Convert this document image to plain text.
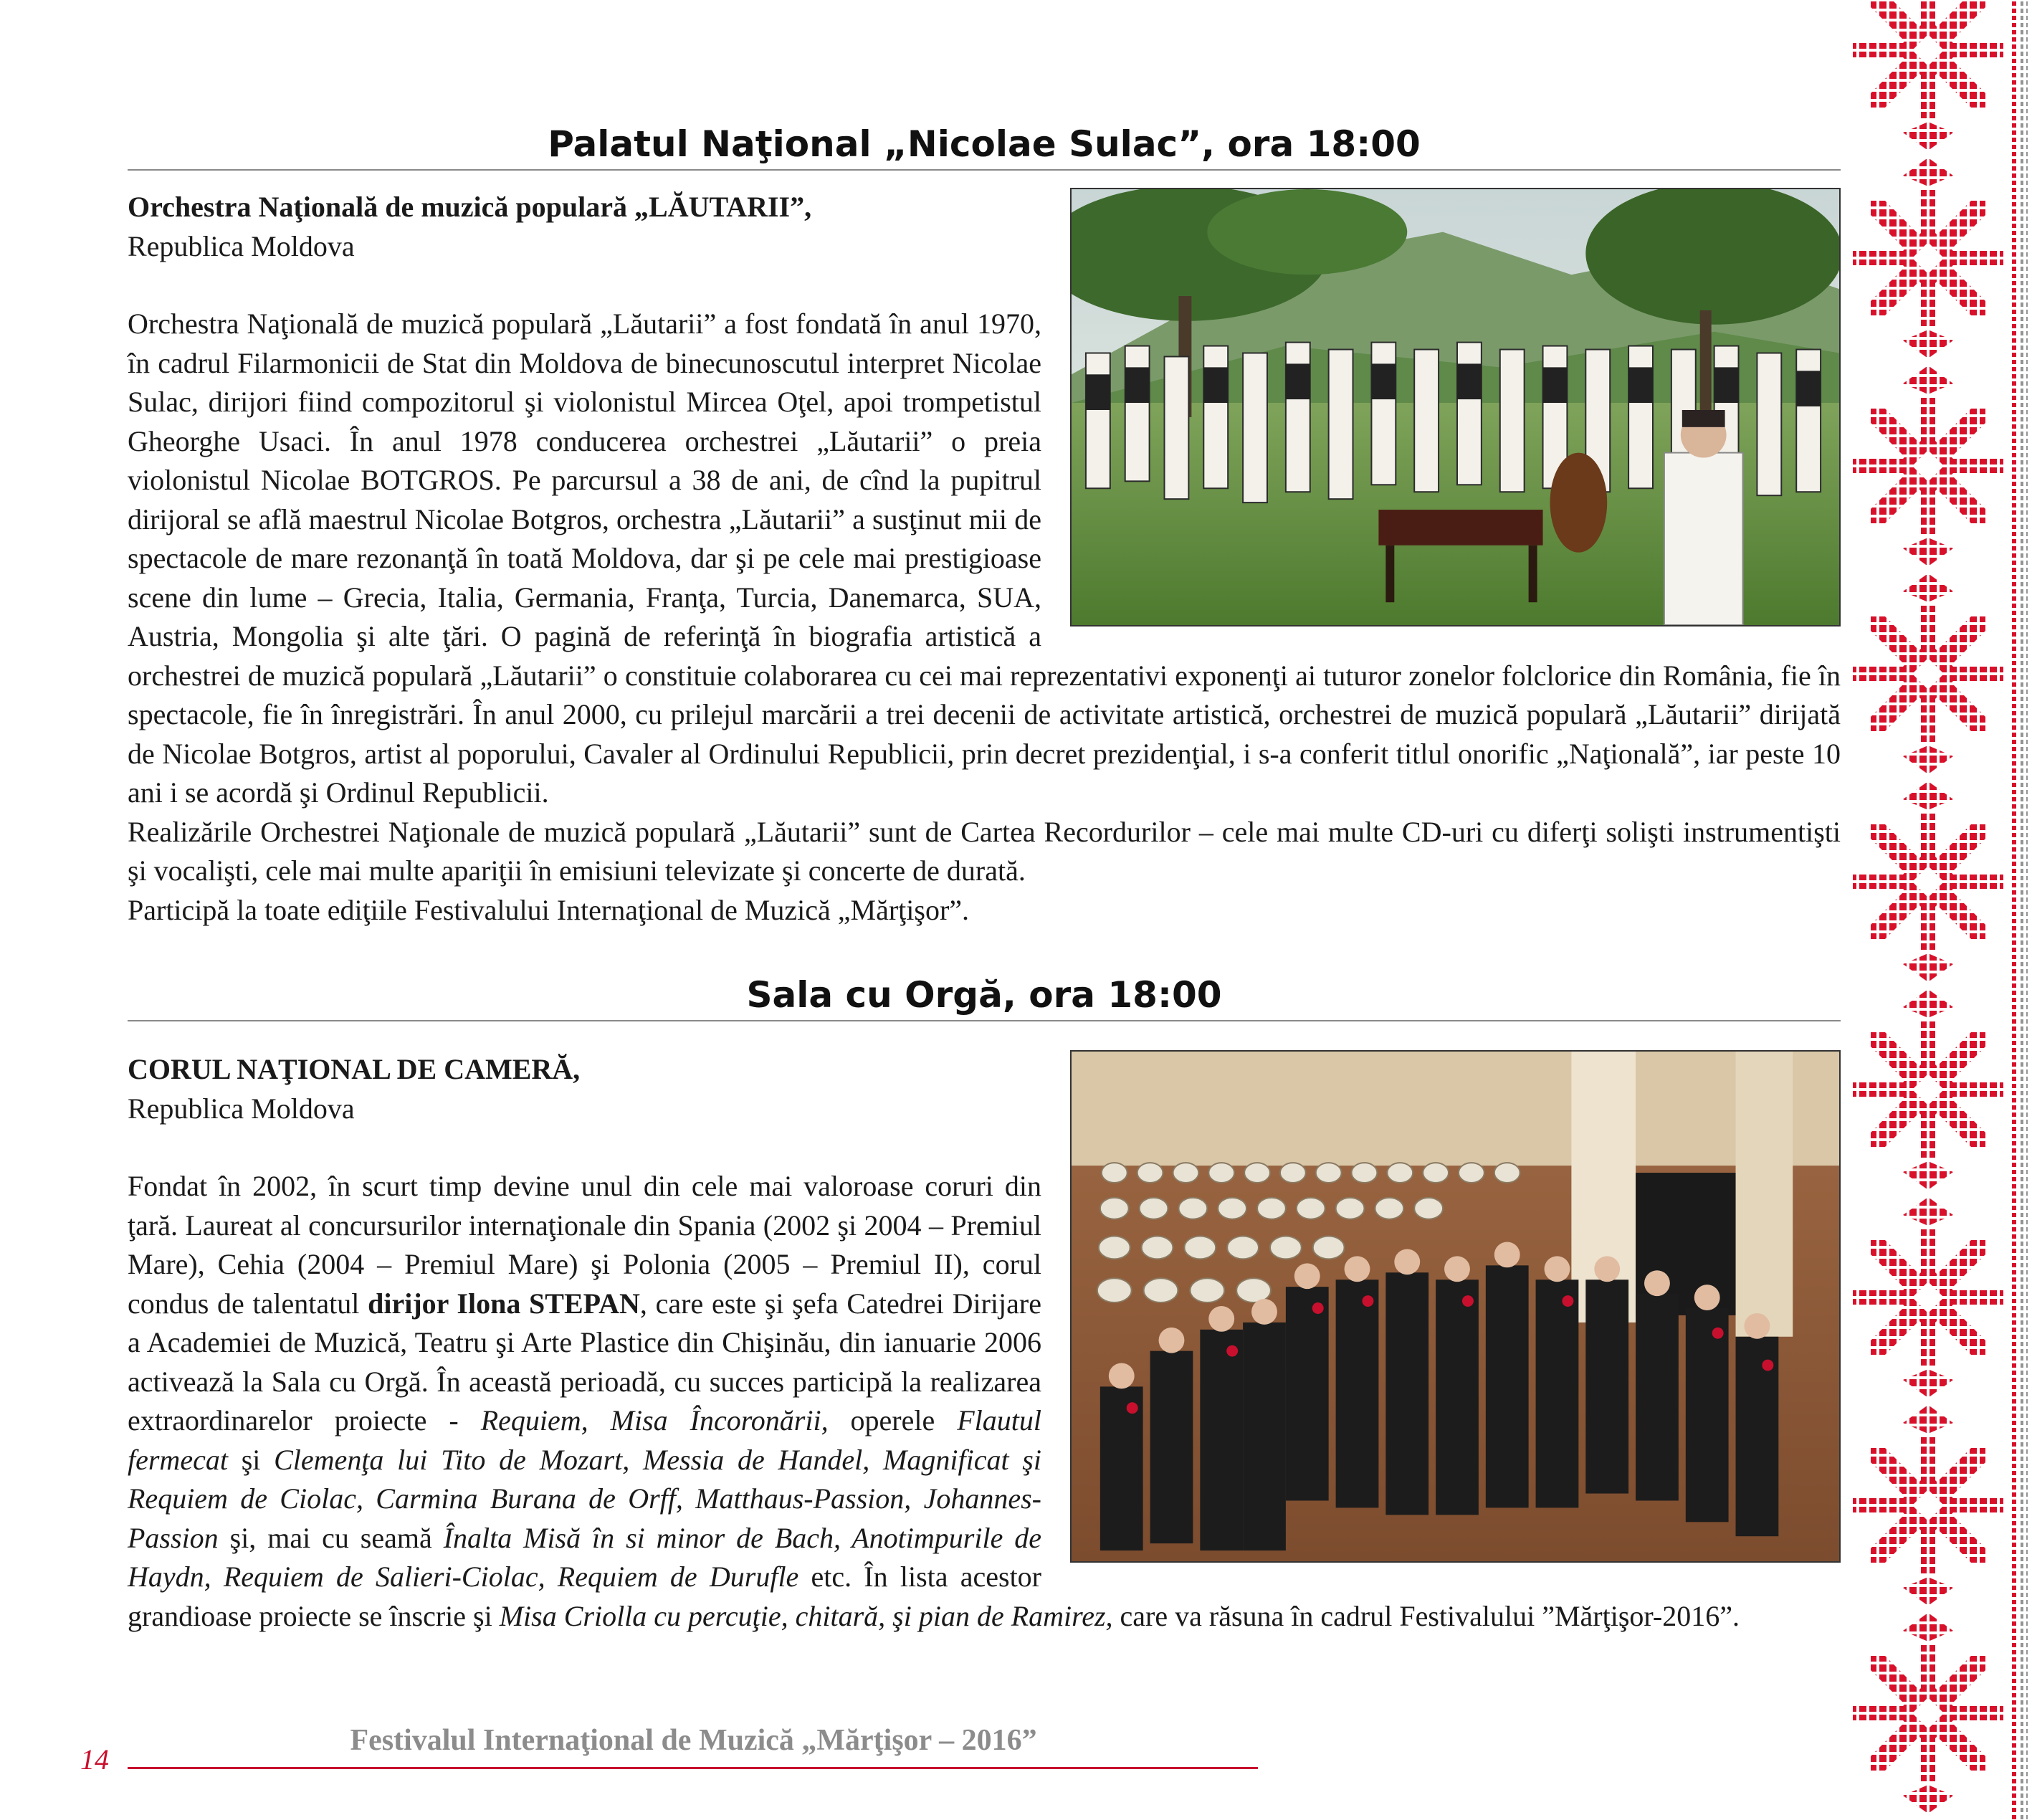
Palatul Naţional „Nicolae Sulac”, ora 18:00

Orchestra Naţională de muzică populară „LĂUTARII”,

Republica Moldova

Orchestra Naţională de muzică populară „Lăutarii” a fost fondată în anul 1970, în cadrul Filarmonicii de Stat din Moldova de binecunoscutul interpret Nicolae Sulac, dirijori fiind compozitorul şi violonistul Mircea Oţel, apoi trompetistul Gheorghe Usaci. În anul 1978 conducerea orchestrei „Lăutarii” o preia violonistul Nicolae BOTGROS. Pe parcursul a 38 de ani, de cînd la pupitrul dirijoral se află maestrul Nicolae Botgros, orchestra „Lăutarii” a susţinut mii de spectacole de mare rezonanţă în toată Moldova, dar şi pe cele mai prestigioase scene din lume – Grecia, Italia, Germania, Franţa, Turcia, Danemarca, SUA, Austria, Mongolia şi alte ţări. O pagină de referinţă în biografia artistică a orchestrei de muzică populară „Lăutarii” o constituie colaborarea cu cei mai reprezentativi exponenţi ai tuturor zonelor folclorice din România, fie în spectacole, fie în înregistrări. În anul 2000, cu prilejul marcării a trei decenii de activitate artistică, orchestrei de muzică populară „Lăutarii” dirijată de Nicolae Botgros, artist al poporului, Cavaler al Ordinului Republicii, prin decret prezidenţial, i s-a conferit titlul onorific „Naţională”, iar peste 10 ani i se acordă şi Ordinul Republicii.

Realizările Orchestrei Naţionale de muzică populară „Lăutarii” sunt de Cartea Recordurilor – cele mai multe CD-uri cu diferţi solişti instrumentişti şi vocalişti, cele mai multe apariţii în emisiuni televizate şi concerte de durată.

Participă la toate ediţiile Festivalului Internaţional de Muzică „Mărţişor”.

Sala cu Orgă, ora 18:00

CORUL NAŢIONAL DE CAMERĂ,

Republica Moldova

Fondat în 2002, în scurt timp devine unul din cele mai valoroase coruri din ţară. Laureat al concursurilor internaţionale din Spania (2002 şi 2004 – Premiul Mare), Cehia (2004 – Premiul Mare) şi Polonia (2005 – Premiul II), corul condus de talentatul dirijor Ilona STEPAN, care este şi şefa Catedrei Dirijare a Academiei de Muzică, Teatru şi Arte Plastice din Chişinău, din ianuarie 2006 activează la Sala cu Orgă. În această perioadă, cu succes participă la realizarea extraordinarelor proiecte - Requiem, Misa Încoronării, operele Flautul fermecat şi Clemenţa lui Tito de Mozart, Messia de Handel, Magnificat şi Requiem de Ciolac, Carmina Burana de Orff, Matthaus-Passion, Johannes-Passion şi, mai cu seamă Înalta Misă în si minor de Bach, Anotimpurile de Haydn, Requiem de Salieri-Ciolac, Requiem de Durufle etc. În lista acestor grandioase proiecte se înscrie şi Misa Criolla cu percuţie, chitară, şi pian de Ramirez, care va răsuna în cadrul Festivalului ”Mărţişor-2016”.

Festivalul Internaţional de Muzică „Mărţişor – 2016”
14
